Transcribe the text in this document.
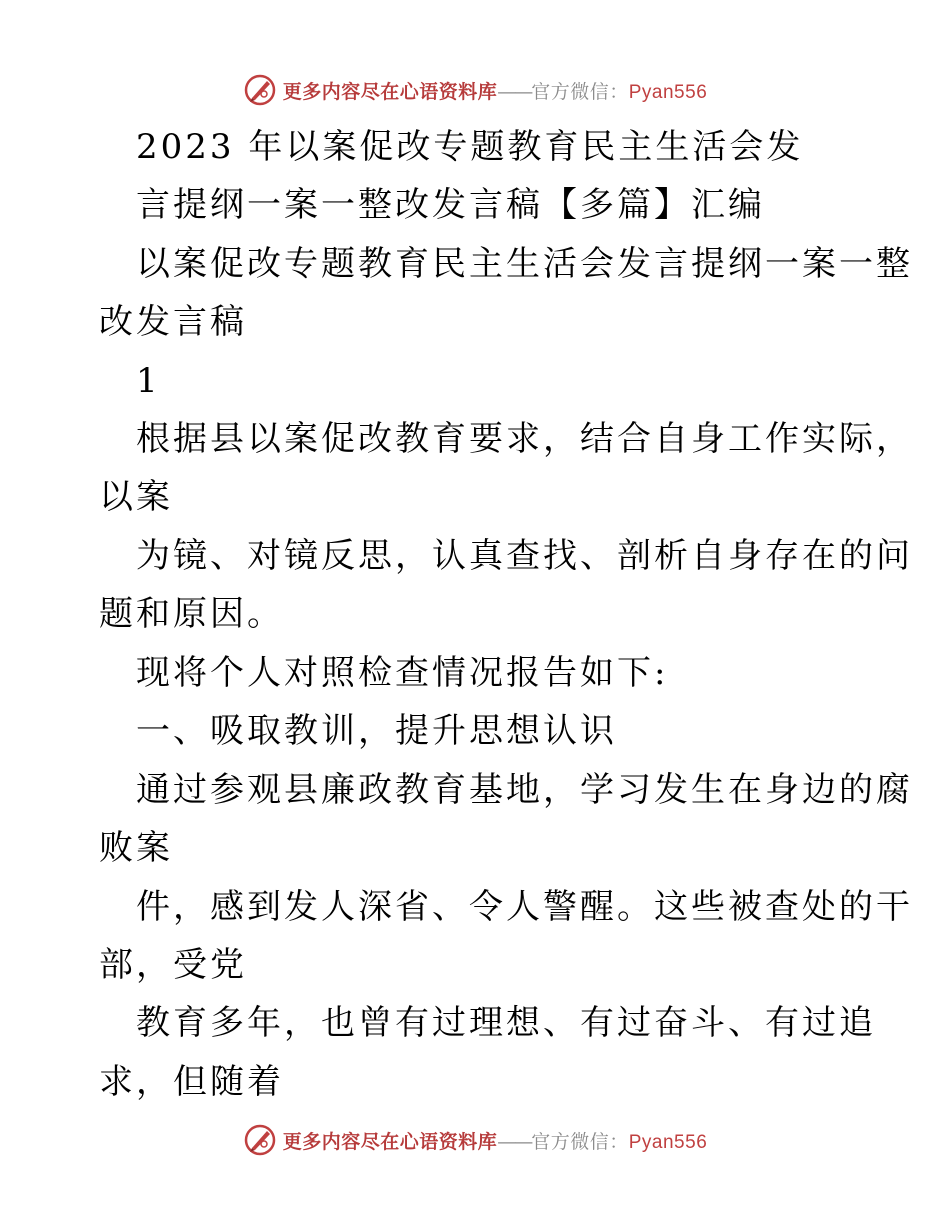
更多内容尽在心语资料库——官方微信：Pyan556
2023 年以案促改专题教育民主生活会发
言提纲一案一整改发言稿【多篇】汇编
以案促改专题教育民主生活会发言提纲一案一整
改发言稿
1
根据县以案促改教育要求，结合自身工作实际，
以案
为镜、对镜反思，认真查找、剖析自身存在的问
题和原因。
现将个人对照检查情况报告如下:
一、吸取教训，提升思想认识
通过参观县廉政教育基地，学习发生在身边的腐
败案
件，感到发人深省、令人警醒。这些被查处的干
部，受党
教育多年，也曾有过理想、有过奋斗、有过追
求，但随着
更多内容尽在心语资料库——官方微信：Pyan556
